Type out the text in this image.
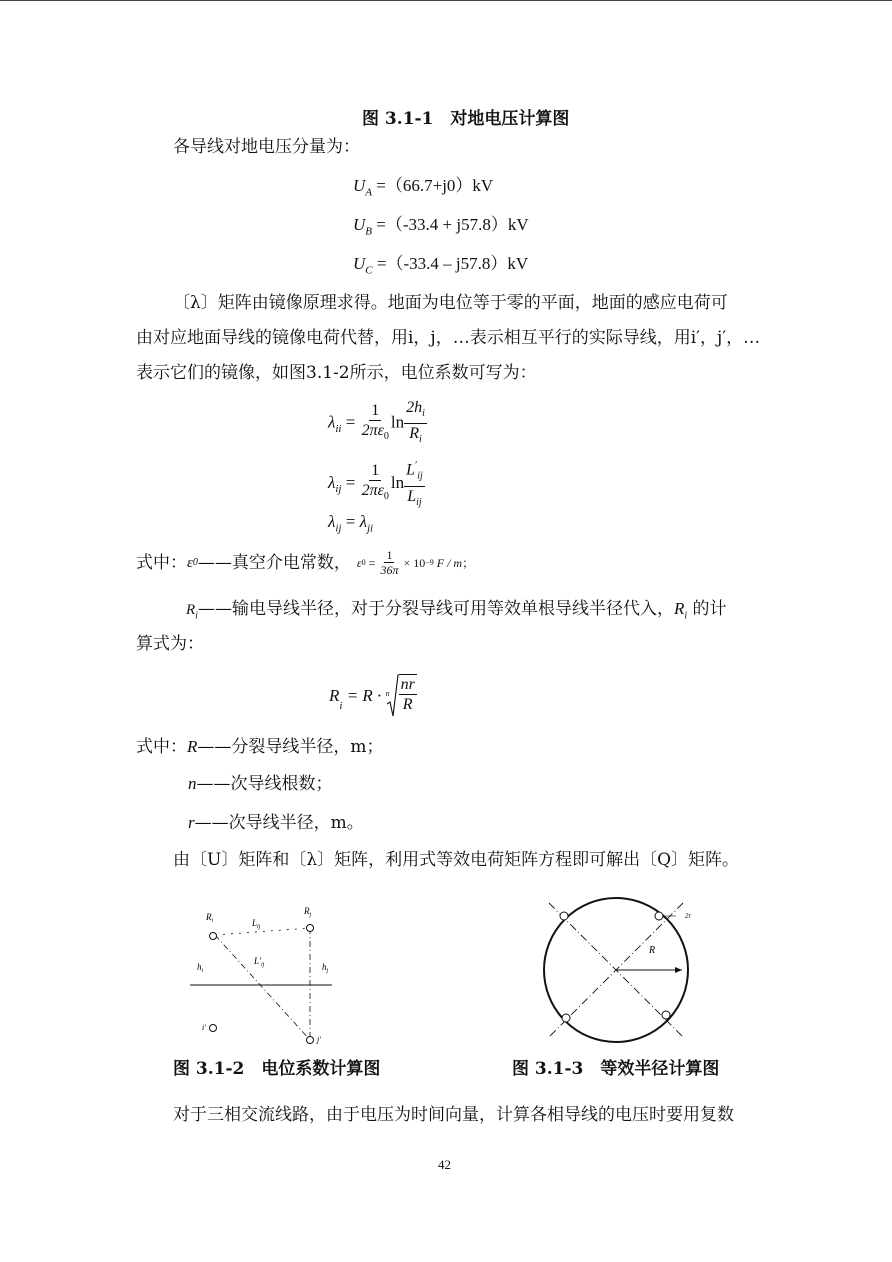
图 3.1-1　对地电压计算图
各导线对地电压分量为：
$U_A =(66.7+j0)kV$
$U_B =(-33.4 + j57.8)kV$
$U_C =(-33.4 - j57.8)kV$
〔λ〕矩阵由镜像原理求得。地面为电位等于零的平面，地面的感应电荷可
由对应地面导线的镜像电荷代替，用i，j，…表示相互平行的实际导线，用i′，j′，…
表示它们的镜像，如图3.1-2所示，电位系数可写为：
$\lambda_{ii} = \frac{1}{2\pi\varepsilon_0}$ $\ln \frac{2h_i}{R_i}$
$\lambda_{ij} = \frac{1}{2\pi\varepsilon_0}$ $\ln \frac{L'_{ij}}{L_{ij}}$
$\lambda_{ij} = \lambda_{ji}$
式中： ε 0 ——真空介电常数， ε $0 = \frac{1}{36\pi} \times 10 -9$ F / m ；
$R_i——$输电导线半径，对于分裂导线可用等效单根导线半径代入，$R_i$ 的计
算式为：
R
$_i$
= R · n $\frac{nr}{R}$
式中：R——分裂导线半径，m；
n——次导线根数；
r——次导线半径，m。
由〔U〕矩阵和〔λ〕矩阵，利用式等效电荷矩阵方程即可解出〔Q〕矩阵。
$R_i$
$R_j$
$L_{ij}$
$L'_{ij}$
$h_i$	$h_j$
i′
j′
图 3.1-2　电位系数计算图
R
2r
图 3.1-3　等效半径计算图
对于三相交流线路，由于电压为时间向量，计算各相导线的电压时要用复数
42
